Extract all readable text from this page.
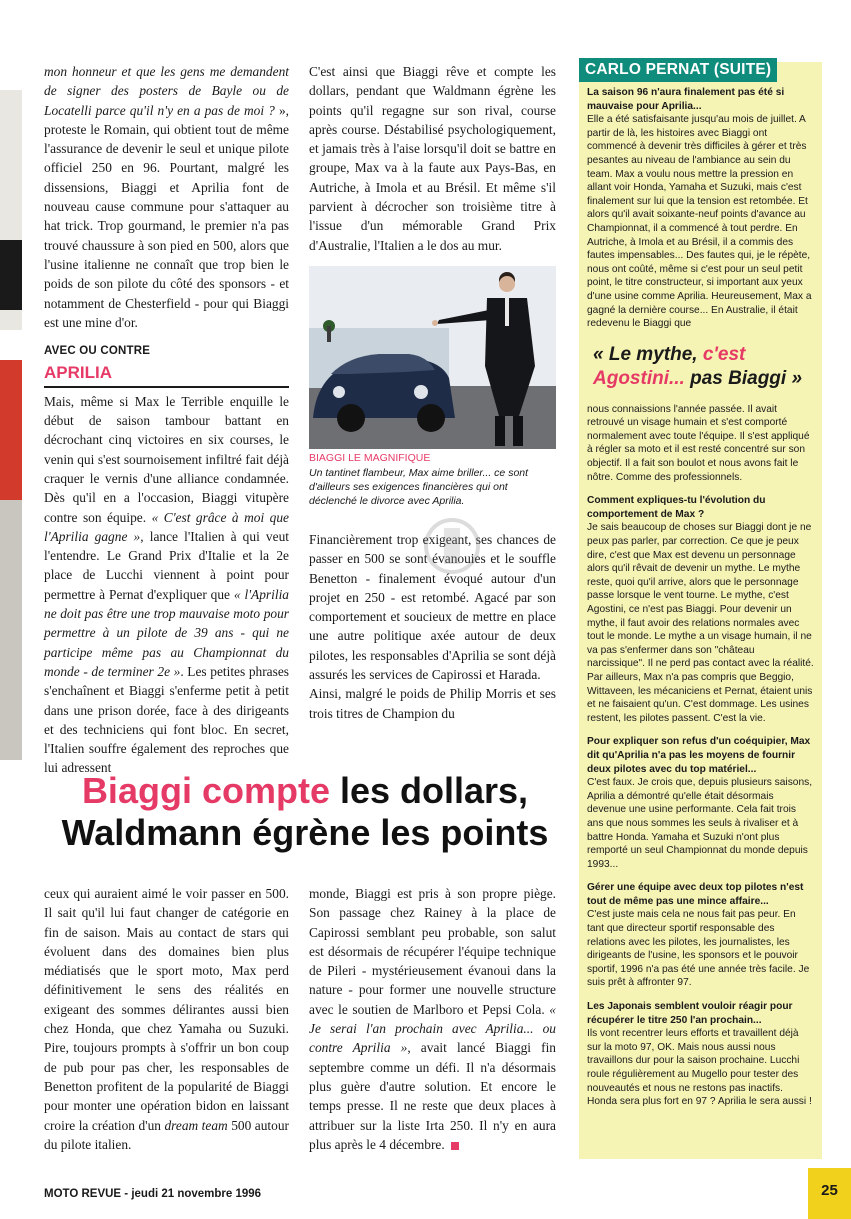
mon honneur et que les gens me demandent de signer des posters de Bayle ou de Locatelli parce qu'il n'y en a pas de moi ? », proteste le Romain, qui obtient tout de même l'assurance de devenir le seul et unique pilote officiel 250 en 96. Pourtant, malgré les dissensions, Biaggi et Aprilia font de nouveau cause commune pour s'attaquer au hat trick. Trop gourmand, le premier n'a pas trouvé chaussure à son pied en 500, alors que l'usine italienne ne connaît que trop bien le poids de son pilote du côté des sponsors - et notamment de Chesterfield - pour qui Biaggi est une mine d'or.

AVEC OU CONTRE
APRILIA

Mais, même si Max le Terrible enquille le début de saison tambour battant en décrochant cinq victoires en six courses, le venin qui s'est sournoisement infiltré fait déjà craquer le vernis d'une alliance condamnée. Dès qu'il en a l'occasion, Biaggi vitupère contre son équipe. « C'est grâce à moi que l'Aprilia gagne », lance l'Italien à qui veut l'entendre. Le Grand Prix d'Italie et la 2e place de Lucchi viennent à point pour permettre à Pernat d'expliquer que « l'Aprilia ne doit pas être une trop mauvaise moto pour permettre à un pilote de 39 ans - qui ne participe même pas au Championnat du monde - de terminer 2e ». Les petites phrases s'enchaînent et Biaggi s'enferme petit à petit dans une prison dorée, face à des dirigeants et des techniciens qui font bloc. En secret, l'Italien souffre également des reproches que lui adressent

C'est ainsi que Biaggi rêve et compte les dollars, pendant que Waldmann égrène les points qu'il regagne sur son rival, course après course. Déstabilisé psychologiquement, et jamais très à l'aise lorsqu'il doit se battre en groupe, Max va à la faute aux Pays-Bas, en Autriche, à Imola et au Brésil. Et même s'il parvient à décrocher son troisième titre à l'issue d'un mémorable Grand Prix d'Australie, l'Italien a le dos au mur.

BIAGGI LE MAGNIFIQUE
Un tantinet flambeur, Max aime briller... ce sont d'ailleurs ses exigences financières qui ont déclenché le divorce avec Aprilia.

Financièrement trop exigeant, ses chances de passer en 500 se sont évanouies et le souffle Benetton - finalement évoqué autour d'un projet en 250 - est retombé. Agacé par son comportement et soucieux de mettre en place une autre politique axée autour de deux pilotes, les responsables d'Aprilia se sont déjà assurés les services de Capirossi et Harada.

Ainsi, malgré le poids de Philip Morris et ses trois titres de Champion du

Biaggi compte les dollars,
Waldmann égrène les points

ceux qui auraient aimé le voir passer en 500. Il sait qu'il lui faut changer de catégorie en fin de saison. Mais au contact de stars qui évoluent dans des domaines bien plus médiatisés que le sport moto, Max perd définitivement le sens des réalités en exigeant des sommes délirantes aussi bien chez Honda, que chez Yamaha ou Suzuki. Pire, toujours prompts à s'offrir un bon coup de pub pour pas cher, les responsables de Benetton profitent de la popularité de Biaggi pour monter une opération bidon en laissant croire la création d'un dream team 500 autour du pilote italien.

monde, Biaggi est pris à son propre piège. Son passage chez Rainey à la place de Capirossi semblant peu probable, son salut est désormais de récupérer l'équipe technique de Pileri - mystérieusement évanoui dans la nature - pour former une nouvelle structure avec le soutien de Marlboro et Pepsi Cola. « Je serai l'an prochain avec Aprilia... ou contre Aprilia », avait lancé Biaggi fin septembre comme un défi. Il n'a désormais plus guère d'autre solution. Et encore le temps presse. Il ne reste que deux places à attribuer sur la liste Irta 250. Il n'y en aura plus après le 4 décembre.

La saison 96 n'aura finalement pas été si mauvaise pour Aprilia...

Elle a été satisfaisante jusqu'au mois de juillet. A partir de là, les histoires avec Biaggi ont commencé à devenir très difficiles à gérer et très pesantes au niveau de l'ambiance au sein du team. Max a voulu nous mettre la pression en allant voir Honda, Yamaha et Suzuki, mais c'est finalement sur lui que la tension est retombée. Et alors qu'il avait soixante-neuf points d'avance au Championnat, il a commencé à tout perdre. En Autriche, à Imola et au Brésil, il a commis des fautes impensables... Des fautes qui, je le répète, nous ont coûté, même si c'est pour un seul petit point, le titre constructeur, si important aux yeux d'une usine comme Aprilia. Heureusement, Max a gagné la dernière course... En Australie, il était redevenu le Biaggi que

« Le mythe, c'est Agostini... pas Biaggi »

nous connaissions l'année passée. Il avait retrouvé un visage humain et s'est comporté normalement avec toute l'équipe. Il s'est appliqué à régler sa moto et il est resté concentré sur son objectif. Il a fait son boulot et nous avons fait le nôtre. Comme des professionnels.

Comment expliques-tu l'évolution du comportement de Max ?

Je sais beaucoup de choses sur Biaggi dont je ne peux pas parler, par correction. Ce que je peux dire, c'est que Max est devenu un personnage alors qu'il rêvait de devenir un mythe. Le mythe reste, quoi qu'il arrive, alors que le personnage passe lorsque le vent tourne. Le mythe, c'est Agostini, ce n'est pas Biaggi. Pour devenir un mythe, il faut avoir des relations normales avec tout le monde. Le mythe a un visage humain, il ne va pas s'enfermer dans son "château narcissique". Il ne perd pas contact avec la réalité. Par ailleurs, Max n'a pas compris que Beggio, Wittaveen, les mécaniciens et Pernat, étaient unis et ne faisaient qu'un. C'est dommage. Les usines restent, les pilotes passent. C'est la vie.

Pour expliquer son refus d'un coéquipier, Max dit qu'Aprilia n'a pas les moyens de fournir deux pilotes avec du top matériel...

C'est faux. Je crois que, depuis plusieurs saisons, Aprilia a démontré qu'elle était désormais devenue une usine performante. Cela fait trois ans que nous sommes les seuls à rivaliser et à battre Honda. Yamaha et Suzuki n'ont plus remporté un seul Championnat du monde depuis 1993...

Gérer une équipe avec deux top pilotes n'est tout de même pas une mince affaire...

C'est juste mais cela ne nous fait pas peur. En tant que directeur sportif responsable des relations avec les pilotes, les journalistes, les dirigeants de l'usine, les sponsors et le pouvoir sportif, 1996 n'a pas été une année très facile. Je suis prêt à affronter 97.

Les Japonais semblent vouloir réagir pour récupérer le titre 250 l'an prochain...

Ils vont recentrer leurs efforts et travaillent déjà sur la moto 97, OK. Mais nous aussi nous travaillons dur pour la saison prochaine. Lucchi roule régulièrement au Mugello pour tester des nouveautés et nous ne restons pas inactifs. Honda sera plus fort en 97 ? Aprilia le sera aussi !

CARLO PERNAT (SUITE)
MOTO REVUE - jeudi 21 novembre 1996	25
